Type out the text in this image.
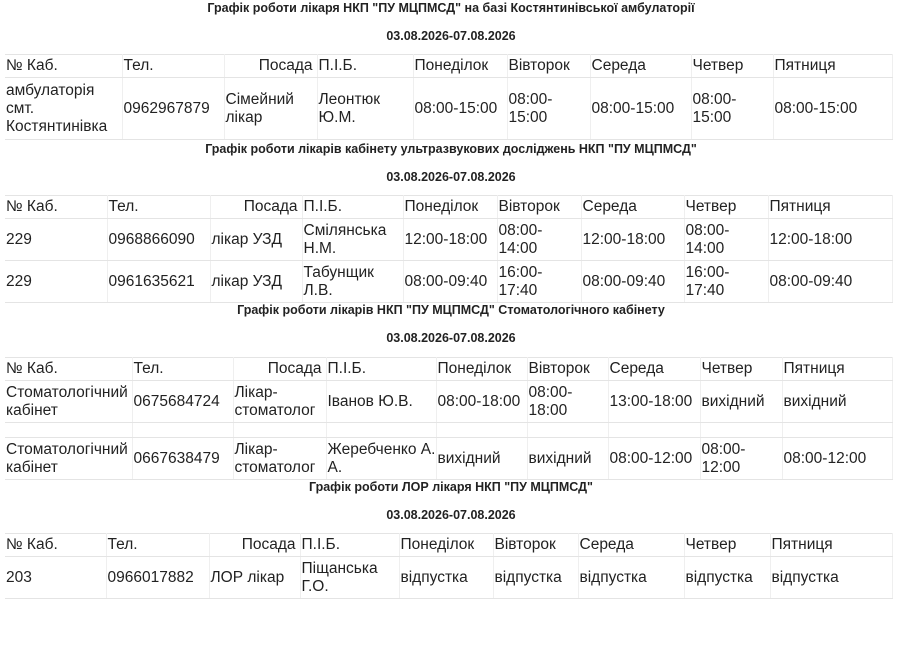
Графік роботи лікаря НКП "ПУ МЦПМСД" на базі Костянтинівської амбулаторії

03.08.2026-07.08.2026

№ Каб.	Тел.	Посада	П.І.Б.	Понеділок	Вівторок	Середа	Четвер	Пятниця
амбулаторія смт. Костянтинівка	0962967879	Сімейний лікар	Леонтюк Ю.М.	08:00-15:00	08:00-15:00	08:00-15:00	08:00-15:00	08:00-15:00

Графік роботи лікарів кабінету ультразвукових досліджень НКП "ПУ МЦПМСД"

03.08.2026-07.08.2026

№ Каб.	Тел.	Посада	П.І.Б.	Понеділок	Вівторок	Середа	Четвер	Пятниця
229	0968866090	лікар УЗД	Смілянська Н.М.	12:00-18:00	08:00-14:00	12:00-18:00	08:00-14:00	12:00-18:00
229	0961635621	лікар УЗД	Табунщик Л.В.	08:00-09:40	16:00-17:40	08:00-09:40	16:00-17:40	08:00-09:40

Графік роботи лікарів НКП "ПУ МЦПМСД" Стоматологічного кабінету

03.08.2026-07.08.2026

№ Каб.	Тел.	Посада	П.І.Б.	Понеділок	Вівторок	Середа	Четвер	Пятниця
Стоматологічний кабінет	0675684724	Лікар-стоматолог	Іванов Ю.В.	08:00-18:00	08:00-18:00	13:00-18:00	вихідний	вихідний

Стоматологічний кабінет	0667638479	Лікар-стоматолог	Жеребченко А. А.	вихідний	вихідний	08:00-12:00	08:00-12:00	08:00-12:00

Графік роботи ЛОР лікаря НКП "ПУ МЦПМСД"

03.08.2026-07.08.2026

№ Каб.	Тел.	Посада	П.І.Б.	Понеділок	Вівторок	Середа	Четвер	Пятниця
203	0966017882	ЛОР лікар	Піщанська Г.О.	відпустка	відпустка	відпустка	відпустка	відпустка
